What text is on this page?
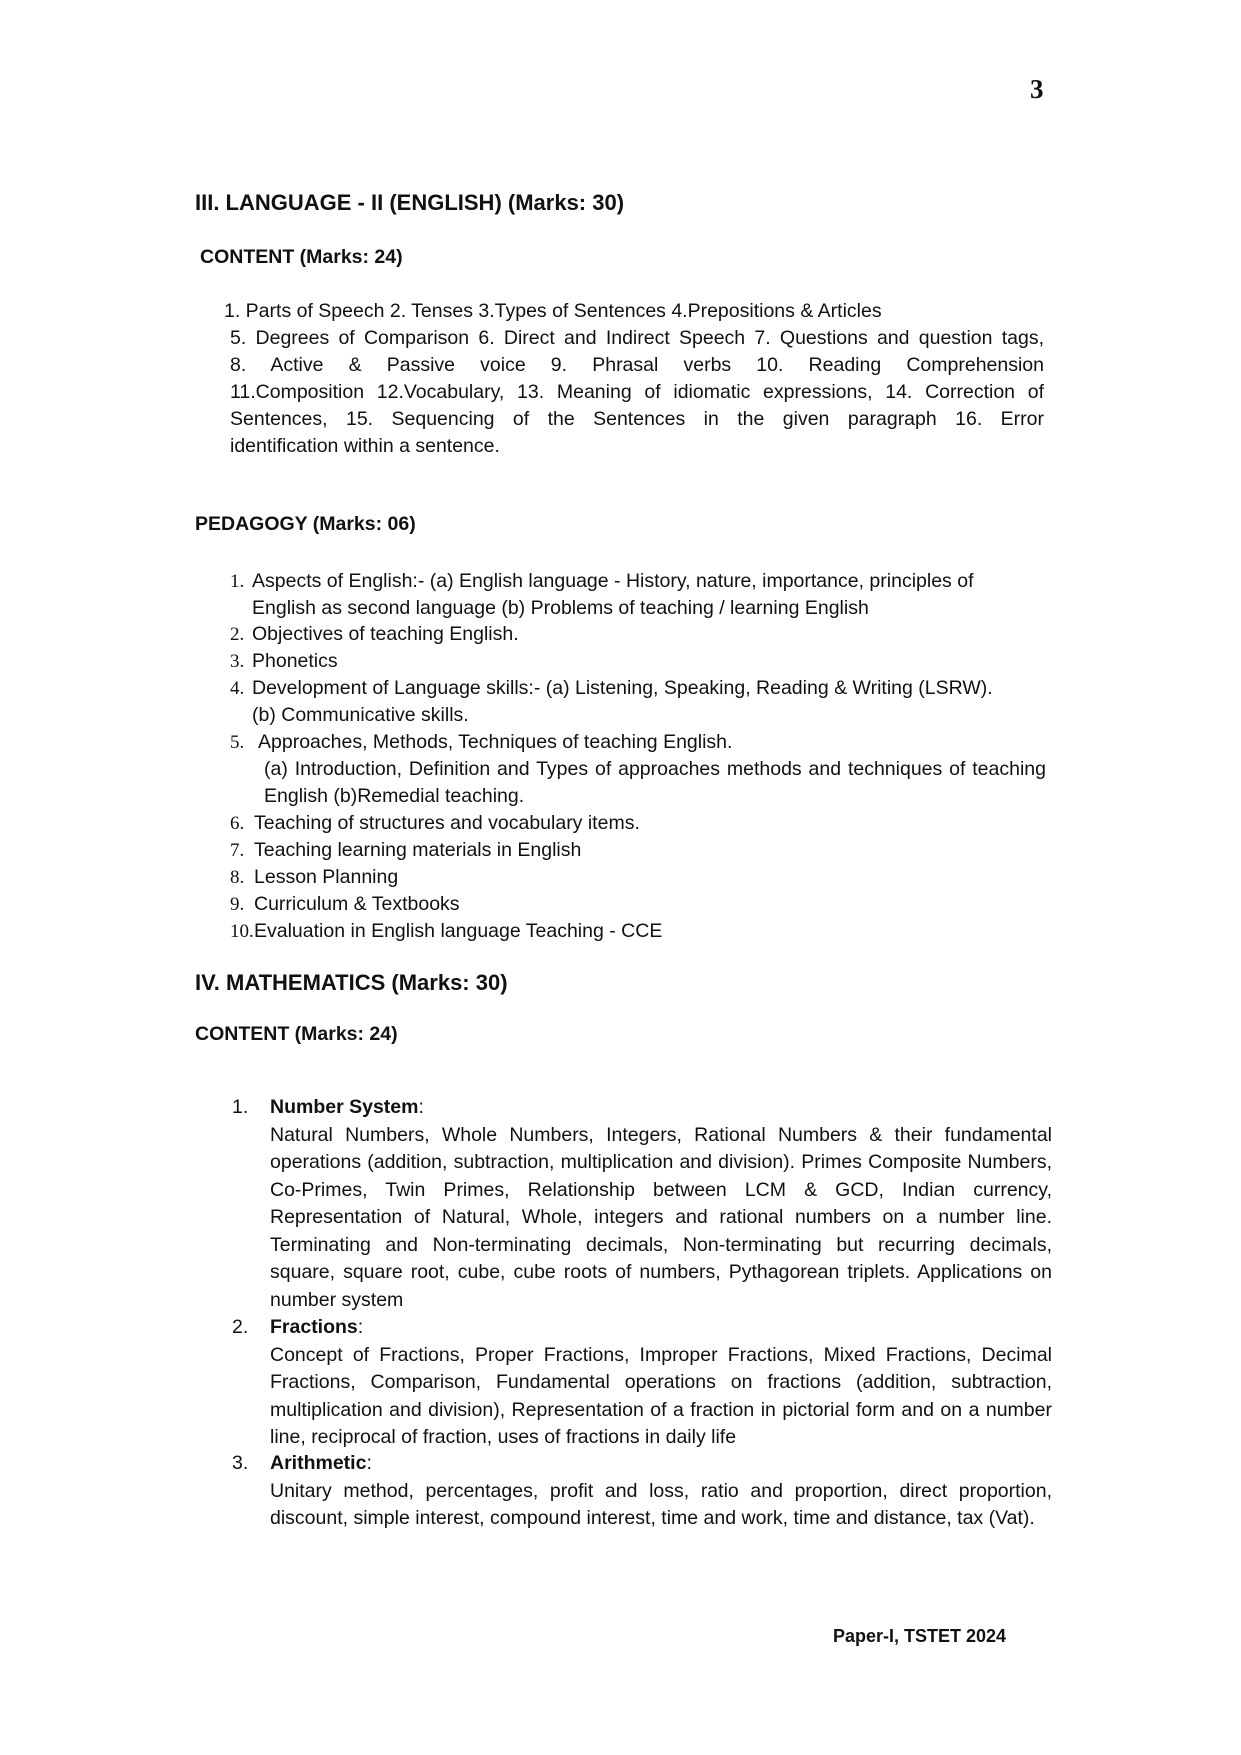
3
III. LANGUAGE - II (ENGLISH) (Marks: 30)
CONTENT (Marks: 24)
1. Parts of Speech 2. Tenses 3.Types of Sentences 4.Prepositions & Articles
5. Degrees of Comparison 6. Direct and Indirect Speech 7. Questions and question tags,
8. Active & Passive voice 9. Phrasal verbs 10. Reading Comprehension
11.Composition 12.Vocabulary, 13. Meaning of idiomatic expressions, 14. Correction of
Sentences, 15. Sequencing of the Sentences in the given paragraph 16. Error
identification within a sentence.
PEDAGOGY (Marks: 06)
1. Aspects of English:- (a) English language - History, nature, importance, principles of
English as second language (b) Problems of teaching / learning English
2. Objectives of teaching English.
3. Phonetics
4. Development of Language skills:- (a) Listening, Speaking, Reading & Writing (LSRW).
(b) Communicative skills.
5. Approaches, Methods, Techniques of teaching English.
(a) Introduction, Definition and Types of approaches methods and techniques of teaching English (b)Remedial teaching.
6. Teaching of structures and vocabulary items.
7. Teaching learning materials in English
8. Lesson Planning
9. Curriculum & Textbooks
10. Evaluation in English language Teaching - CCE
IV. MATHEMATICS (Marks: 30)
CONTENT (Marks: 24)
1. Number System:
Natural Numbers, Whole Numbers, Integers, Rational Numbers & their fundamental operations (addition, subtraction, multiplication and division). Primes Composite Numbers, Co-Primes, Twin Primes, Relationship between LCM & GCD, Indian currency, Representation of Natural, Whole, integers and rational numbers on a number line. Terminating and Non-terminating decimals, Non-terminating but recurring decimals, square, square root, cube, cube roots of numbers, Pythagorean triplets. Applications on number system
2. Fractions:
Concept of Fractions, Proper Fractions, Improper Fractions, Mixed Fractions, Decimal Fractions, Comparison, Fundamental operations on fractions (addition, subtraction, multiplication and division), Representation of a fraction in pictorial form and on a number line, reciprocal of fraction, uses of fractions in daily life
3. Arithmetic:
Unitary method, percentages, profit and loss, ratio and proportion, direct proportion, discount, simple interest, compound interest, time and work, time and distance, tax (Vat).
Paper-I, TSTET 2024
